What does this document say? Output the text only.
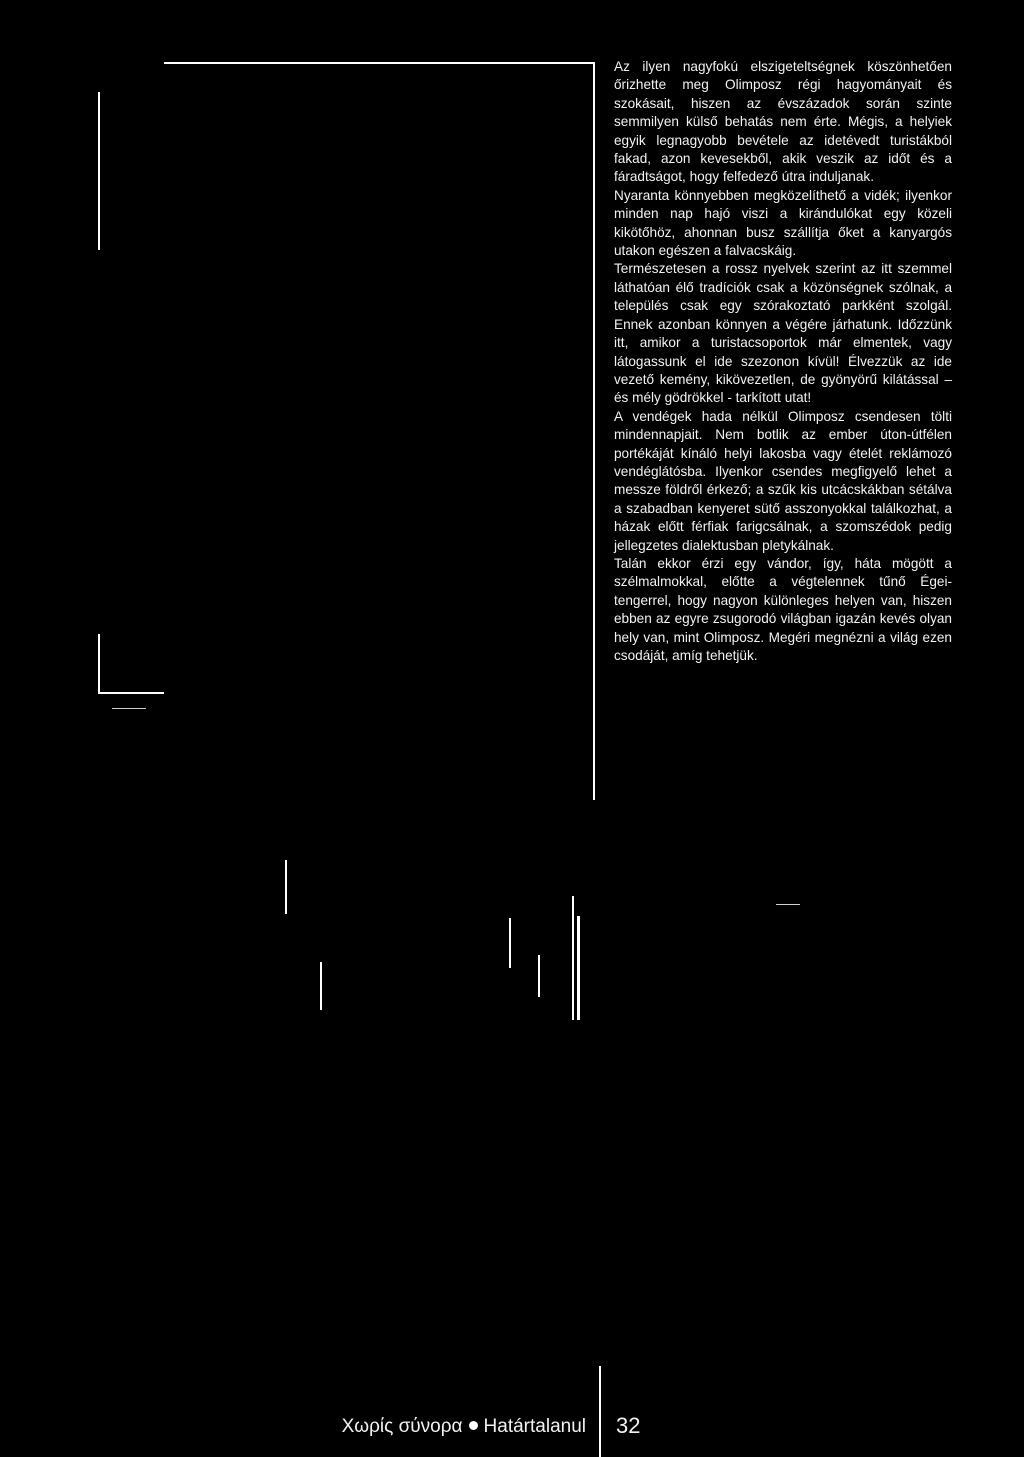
Az ilyen nagyfokú elszigeteltségnek köszönhetően őrizhette meg Olimposz régi hagyományait és szokásait, hiszen az évszázadok során szinte semmilyen külső behatás nem érte. Mégis, a helyiek egyik legnagyobb bevétele az idetévedt turistákból fakad, azon kevesekből, akik veszik az időt és a fáradtságot, hogy felfedező útra induljanak.

Nyaranta könnyebben megközelíthető a vidék; ilyenkor minden nap hajó viszi a kirándulókat egy közeli kikötőhöz, ahonnan busz szállítja őket a kanyargós utakon egészen a falvacskáig.

Természetesen a rossz nyelvek szerint az itt szemmel láthatóan élő tradíciók csak a közönségnek szólnak, a település csak egy szórakoztató parkként szolgál. Ennek azonban könnyen a végére járhatunk. Időzzünk itt, amikor a turistacsoportok már elmentek, vagy látogassunk el ide szezonon kívül! Élvezzük az ide vezető kemény, kikövezetlen, de gyönyörű kilátással – és mély gödrökkel - tarkított utat!

A vendégek hada nélkül Olimposz csendesen tölti mindennapjait. Nem botlik az ember úton-útfélen portékáját kínáló helyi lakosba vagy ételét reklámozó vendéglátósba. Ilyenkor csendes megfigyelő lehet a messze földről érkező; a szűk kis utcácskákban sétálva a szabadban kenyeret sütő asszonyokkal találkozhat, a házak előtt férfiak farigcsálnak, a szomszédok pedig jellegzetes dialektusban pletykálnak.

Talán ekkor érzi egy vándor, így, háta mögött a szélmalmokkal, előtte a végtelennek tűnő Égei-tengerrel, hogy nagyon különleges helyen van, hiszen ebben az egyre zsugorodó világban igazán kevés olyan hely van, mint Olimposz. Megéri megnézni a világ ezen csodáját, amíg tehetjük.

Χωρίς σύνορα Határtalanul 32
